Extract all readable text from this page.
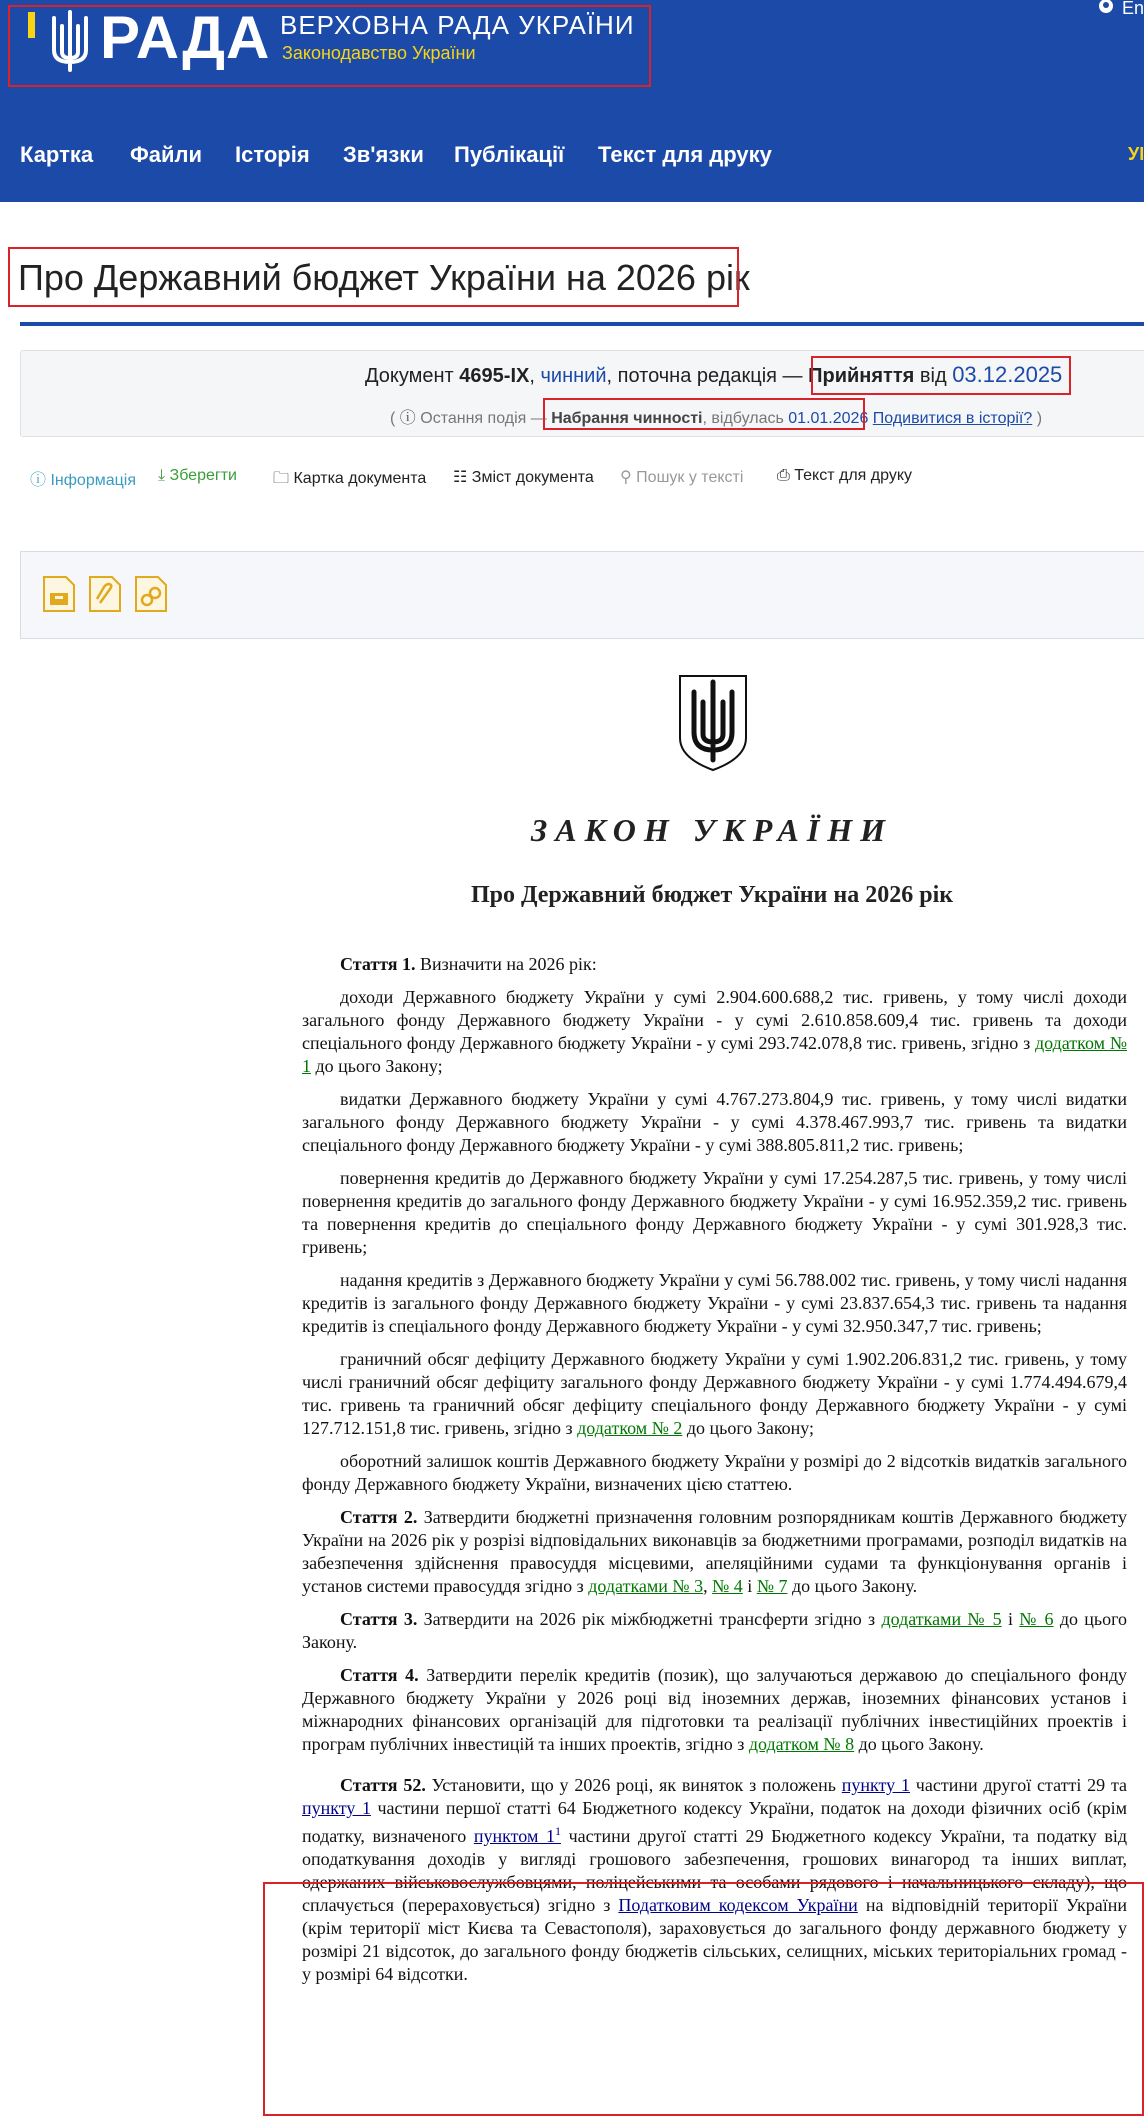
РАДА ВЕРХОВНА РАДА УКРАЇНИ
Законодавство України
En
Картка Файли Історія Зв'язки Публікації Текст для друку	УІ
Про Державний бюджет України на 2026 рік
Документ 4695-IX, чинний, поточна редакція — Прийняття від 03.12.2025
( ⓘ Остання подія — Набрання чинності, відбулась 01.01.2026 Подивитися в історії? )
ⓘ Інформація ⤓ Зберегти 🗀 Картка документа ☷ Зміст документа ⚲ Пошук у тексті ⎙ Текст для друку
ЗАКОН УКРАЇНИ
Про Державний бюджет України на 2026 рік

Стаття 1. Визначити на 2026 рік:

доходи Державного бюджету України у сумі 2.904.600.688,2 тис. гривень, у тому числі доходи загального фонду Державного бюджету України - у сумі 2.610.858.609,4 тис. гривень та доходи спеціального фонду Державного бюджету України - у сумі 293.742.078,8 тис. гривень, згідно з додатком № 1 до цього Закону;

видатки Державного бюджету України у сумі 4.767.273.804,9 тис. гривень, у тому числі видатки загального фонду Державного бюджету України - у сумі 4.378.467.993,7 тис. гривень та видатки спеціального фонду Державного бюджету України - у сумі 388.805.811,2 тис. гривень;

повернення кредитів до Державного бюджету України у сумі 17.254.287,5 тис. гривень, у тому числі повернення кредитів до загального фонду Державного бюджету України - у сумі 16.952.359,2 тис. гривень та повернення кредитів до спеціального фонду Державного бюджету України - у сумі 301.928,3 тис. гривень;

надання кредитів з Державного бюджету України у сумі 56.788.002 тис. гривень, у тому числі надання кредитів із загального фонду Державного бюджету України - у сумі 23.837.654,3 тис. гривень та надання кредитів із спеціального фонду Державного бюджету України - у сумі 32.950.347,7 тис. гривень;

граничний обсяг дефіциту Державного бюджету України у сумі 1.902.206.831,2 тис. гривень, у тому числі граничний обсяг дефіциту загального фонду Державного бюджету України - у сумі 1.774.494.679,4 тис. гривень та граничний обсяг дефіциту спеціального фонду Державного бюджету України - у сумі 127.712.151,8 тис. гривень, згідно з додатком № 2 до цього Закону;

оборотний залишок коштів Державного бюджету України у розмірі до 2 відсотків видатків загального фонду Державного бюджету України, визначених цією статтею.

Стаття 2. Затвердити бюджетні призначення головним розпорядникам коштів Державного бюджету України на 2026 рік у розрізі відповідальних виконавців за бюджетними програмами, розподіл видатків на забезпечення здійснення правосуддя місцевими, апеляційними судами та функціонування органів і установ системи правосуддя згідно з додатками № 3, № 4 і № 7 до цього Закону.

Стаття 3. Затвердити на 2026 рік міжбюджетні трансферти згідно з додатками № 5 і № 6 до цього Закону.

Стаття 4. Затвердити перелік кредитів (позик), що залучаються державою до спеціального фонду Державного бюджету України у 2026 році від іноземних держав, іноземних фінансових установ і міжнародних фінансових організацій для підготовки та реалізації публічних інвестиційних проектів і програм публічних інвестицій та інших проектів, згідно з додатком № 8 до цього Закону.

Стаття 52. Установити, що у 2026 році, як виняток з положень пункту 1 частини другої статті 29 та пункту 1 частини першої статті 64 Бюджетного кодексу України, податок на доходи фізичних осіб (крім податку, визначеного пунктом $1^1$ частини другої статті 29 Бюджетного кодексу України, та податку від оподаткування доходів у вигляді грошового забезпечення, грошових винагород та інших виплат, одержаних військовослужбовцями, поліцейськими та особами рядового і начальницького складу), що сплачується (перераховується) згідно з Податковим кодексом України на відповідній території України (крім території міст Києва та Севастополя), зараховується до загального фонду державного бюджету у розмірі 21 відсоток, до загального фонду бюджетів сільських, селищних, міських територіальних громад - у розмірі 64 відсотки.
